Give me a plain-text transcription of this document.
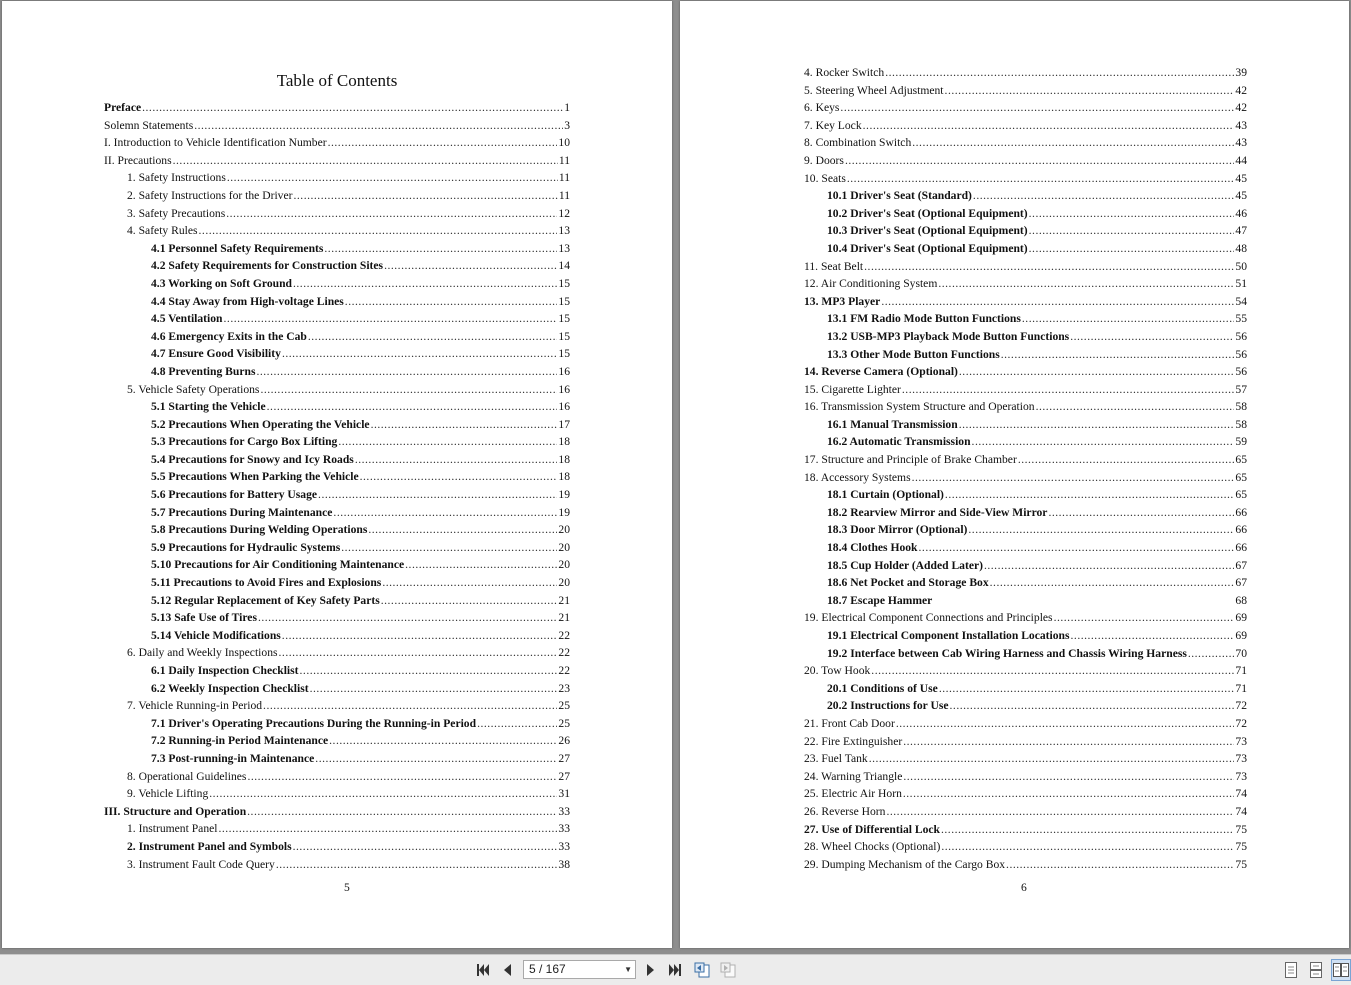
Table of Contents
Preface .....	1
Solemn Statements .....	3
I. Introduction to Vehicle Identification Number .....	10
II. Precautions .....	11
1. Safety Instructions .....	11
2. Safety Instructions for the Driver .....	11
3. Safety Precautions .....	12
4. Safety Rules .....	13
4.1 Personnel Safety Requirements .....	13
4.2 Safety Requirements for Construction Sites .....	14
4.3 Working on Soft Ground .....	15
4.4 Stay Away from High-voltage Lines .....	15
4.5 Ventilation .....	15
4.6 Emergency Exits in the Cab .....	15
4.7 Ensure Good Visibility .....	15
4.8 Preventing Burns .....	16
5. Vehicle Safety Operations .....	16
5.1 Starting the Vehicle .....	16
5.2 Precautions When Operating the Vehicle .....	17
5.3 Precautions for Cargo Box Lifting .....	18
5.4 Precautions for Snowy and Icy Roads .....	18
5.5 Precautions When Parking the Vehicle .....	18
5.6 Precautions for Battery Usage .....	19
5.7 Precautions During Maintenance .....	19
5.8 Precautions During Welding Operations .....	20
5.9 Precautions for Hydraulic Systems .....	20
5.10 Precautions for Air Conditioning Maintenance .....	20
5.11 Precautions to Avoid Fires and Explosions .....	20
5.12 Regular Replacement of Key Safety Parts .....	21
5.13 Safe Use of Tires .....	21
5.14 Vehicle Modifications .....	22
6. Daily and Weekly Inspections .....	22
6.1 Daily Inspection Checklist .....	22
6.2 Weekly Inspection Checklist .....	23
7. Vehicle Running-in Period .....	25
7.1 Driver's Operating Precautions During the Running-in Period .....	25
7.2 Running-in Period Maintenance .....	26
7.3 Post-running-in Maintenance .....	27
8. Operational Guidelines .....	27
9. Vehicle Lifting .....	31
III. Structure and Operation .....	33
1. Instrument Panel .....	33
2. Instrument Panel and Symbols .....	33
3. Instrument Fault Code Query .....	38
5
4. Rocker Switch .....	39
5. Steering Wheel Adjustment .....	42
6. Keys .....	42
7. Key Lock .....	43
8. Combination Switch .....	43
9. Doors .....	44
10. Seats .....	45
10.1 Driver's Seat (Standard) .....	45
10.2 Driver's Seat (Optional Equipment) .....	46
10.3 Driver's Seat (Optional Equipment) .....	47
10.4 Driver's Seat (Optional Equipment) .....	48
11. Seat Belt .....	50
12. Air Conditioning System .....	51
13. MP3 Player .....	54
13.1 FM Radio Mode Button Functions .....	55
13.2 USB-MP3 Playback Mode Button Functions .....	56
13.3 Other Mode Button Functions .....	56
14. Reverse Camera (Optional) .....	56
15. Cigarette Lighter .....	57
16. Transmission System Structure and Operation .....	58
16.1 Manual Transmission .....	58
16.2 Automatic Transmission .....	59
17. Structure and Principle of Brake Chamber .....	65
18. Accessory Systems .....	65
18.1 Curtain (Optional) .....	65
18.2 Rearview Mirror and Side-View Mirror .....	66
18.3 Door Mirror (Optional) .....	66
18.4 Clothes Hook .....	66
18.5 Cup Holder (Added Later) .....	67
18.6 Net Pocket and Storage Box .....	67
18.7 Escape Hammer	68
19. Electrical Component Connections and Principles .....	69
19.1 Electrical Component Installation Locations .....	69
19.2 Interface between Cab Wiring Harness and Chassis Wiring Harness .....	70
20. Tow Hook .....	71
20.1 Conditions of Use .....	71
20.2 Instructions for Use .....	72
21. Front Cab Door .....	72
22. Fire Extinguisher .....	73
23. Fuel Tank .....	73
24. Warning Triangle .....	73
25. Electric Air Horn .....	74
26. Reverse Horn .....	74
27. Use of Differential Lock .....	75
28. Wheel Chocks (Optional) .....	75
29. Dumping Mechanism of the Cargo Box .....	75
6
5 / 167	▼
